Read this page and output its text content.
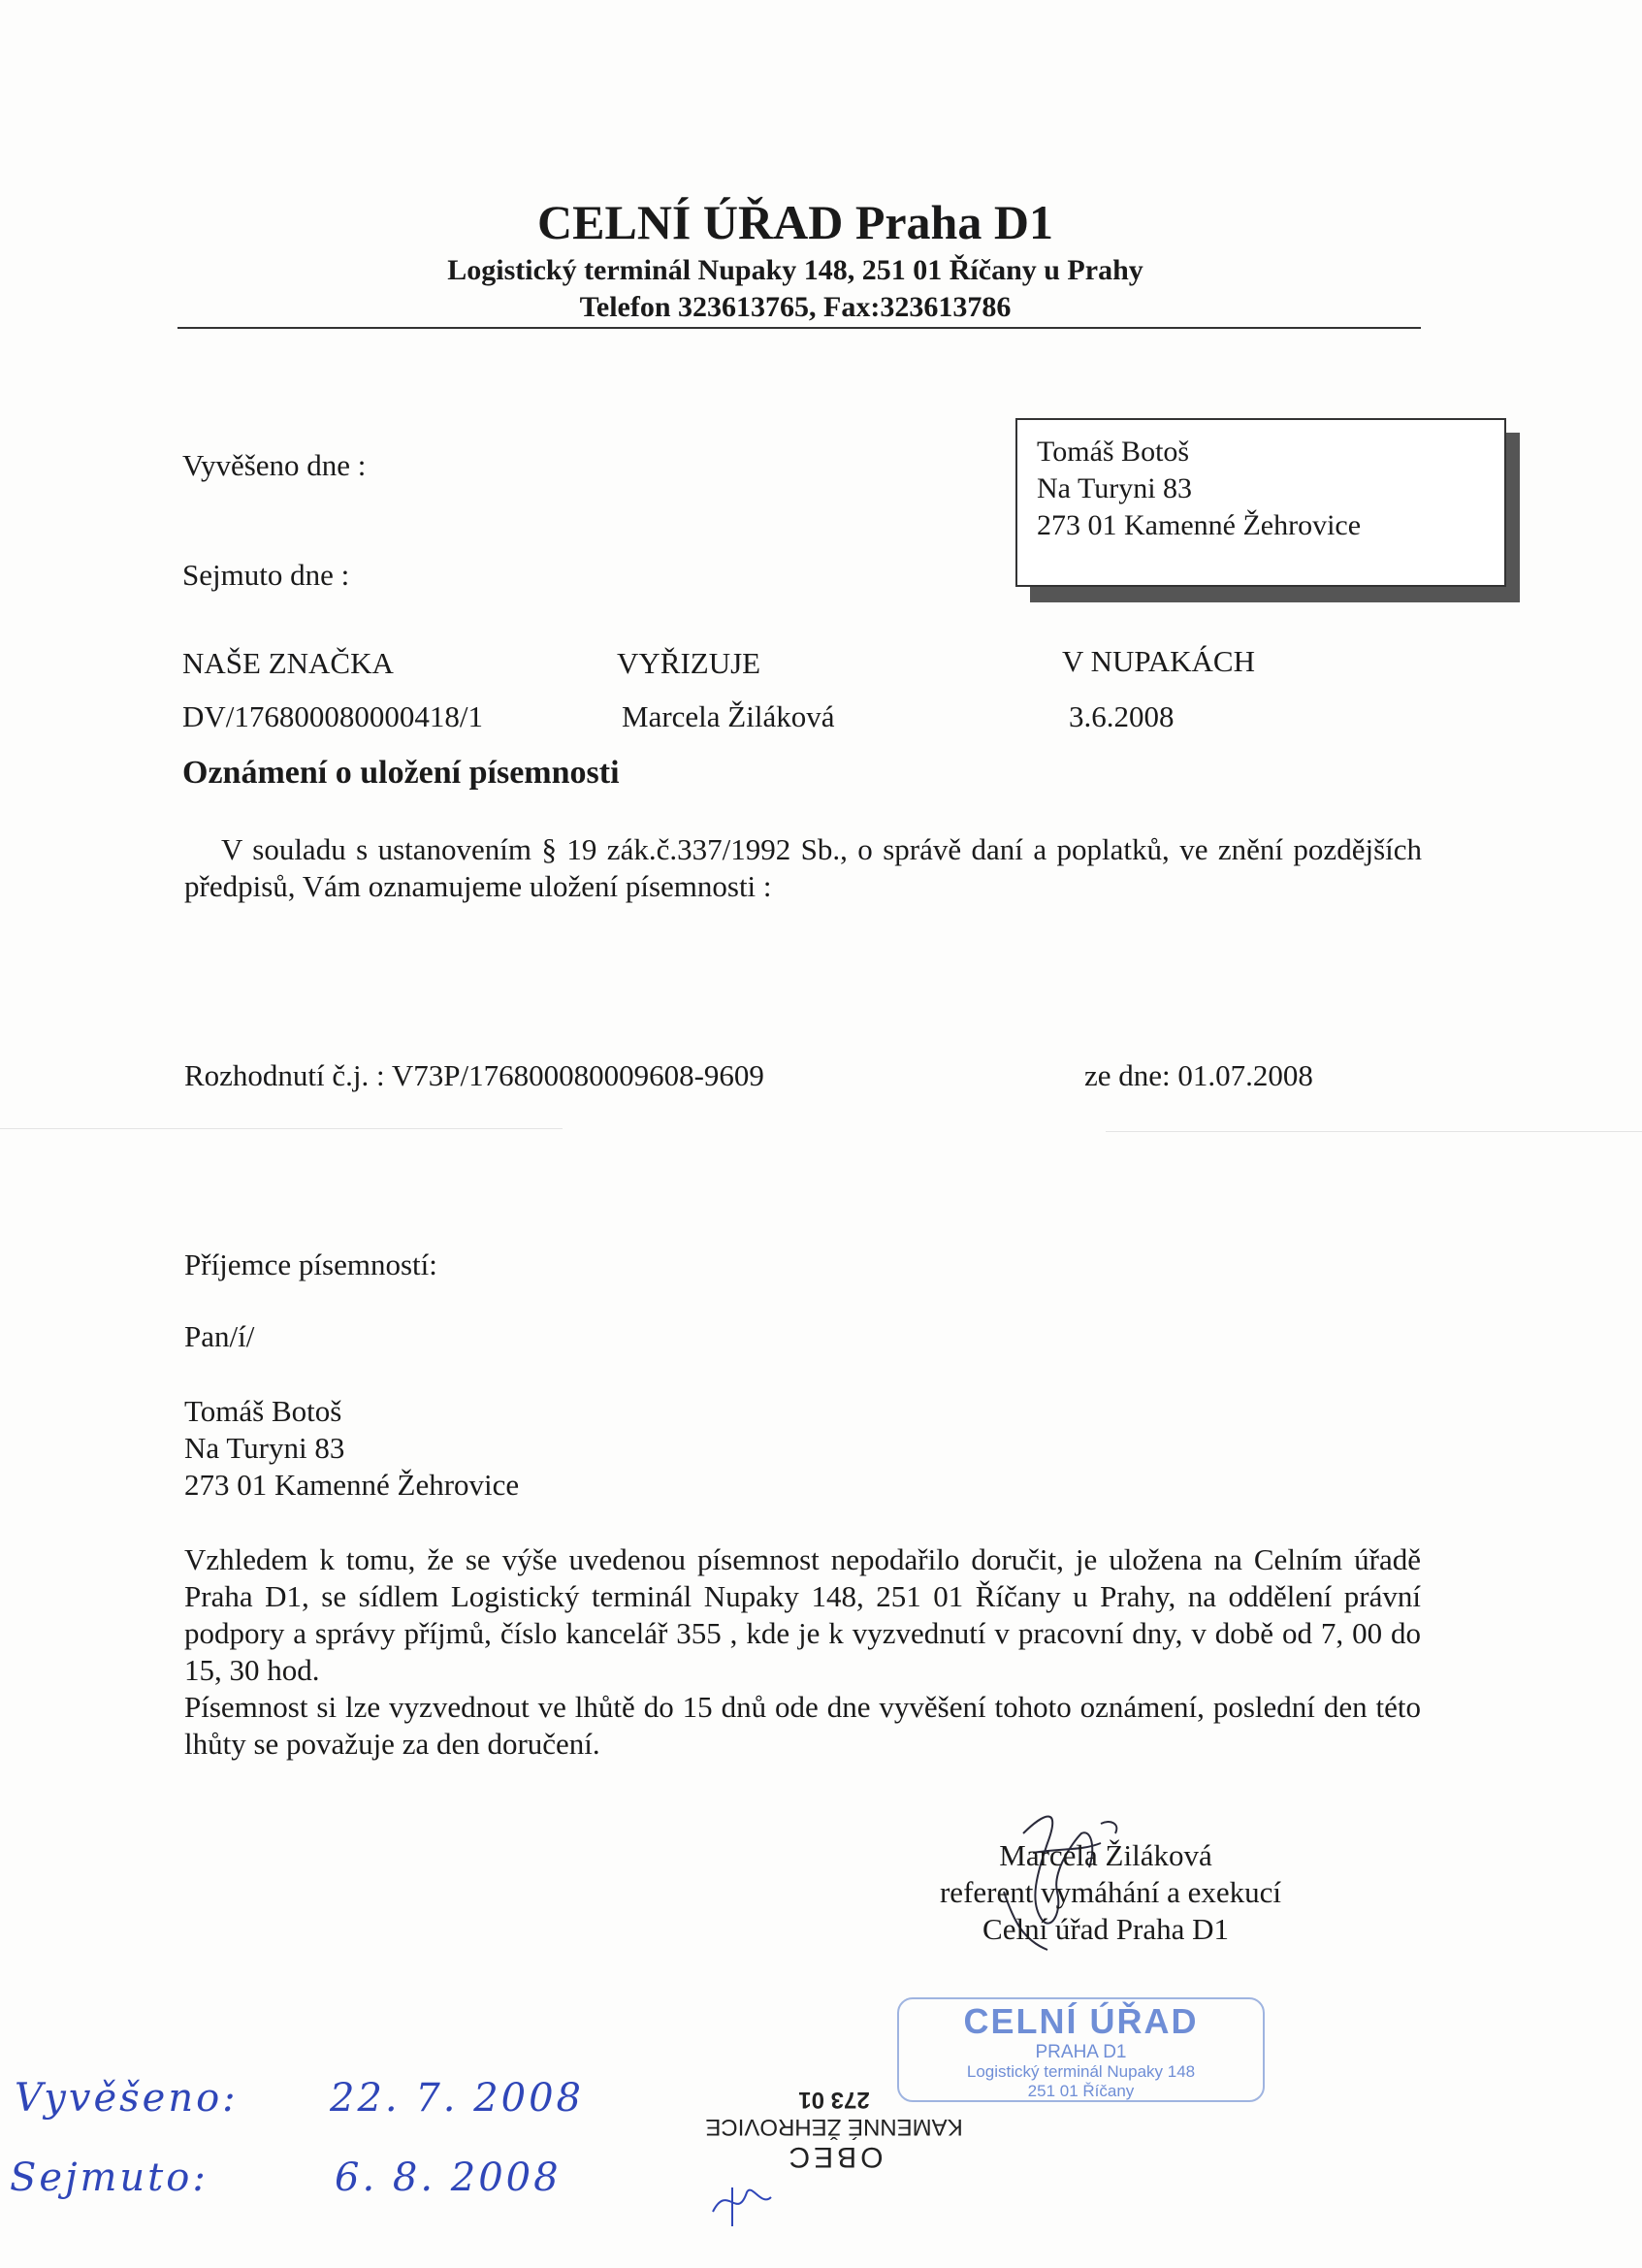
CELNÍ ÚŘAD Praha D1
Logistický terminál Nupaky 148, 251 01 Říčany u Prahy
Telefon 323613765, Fax:323613786
Vyvěšeno dne :
Sejmuto dne :
Tomáš Botoš
Na Turyni 83
273 01 Kamenné Žehrovice
NAŠE ZNAČKA	VYŘIZUJE	V NUPAKÁCH
DV/176800080000418/1	Marcela Žiláková	3.6.2008
Oznámení o uložení písemnosti
V souladu s ustanovením § 19 zák.č.337/1992 Sb., o správě daní a poplatků, ve znění pozdějších předpisů, Vám oznamujeme uložení písemnosti :
Rozhodnutí č.j. : V73P/176800080009608-9609	ze dne: 01.07.2008
Příjemce písemností:
Pan/í/
Tomáš Botoš
Na Turyni 83
273 01 Kamenné Žehrovice
Vzhledem k tomu, že se výše uvedenou písemnost nepodařilo doručit, je uložena na Celním úřadě Praha D1, se sídlem Logistický terminál Nupaky 148, 251 01 Říčany u Prahy, na oddělení právní podpory a správy příjmů, číslo kancelář 355 , kde je k vyzvednutí v pracovní dny, v době od 7, 00 do 15, 30 hod.
Písemnost si lze vyzvednout ve lhůtě do 15 dnů ode dne vyvěšení tohoto oznámení, poslední den této lhůty se považuje za den doručení.
Marcela Žiláková
referent vymáhání a exekucí
Celní úřad Praha D1
CELNÍ ÚŘAD
PRAHA D1
Logistický terminál Nupaky 148
251 01 Říčany
OBEC
KAMENNÉ ŽEHROVICE
273 01
Vyvěšeno: 22. 7. 2008
Sejmuto:	6. 8. 2008
